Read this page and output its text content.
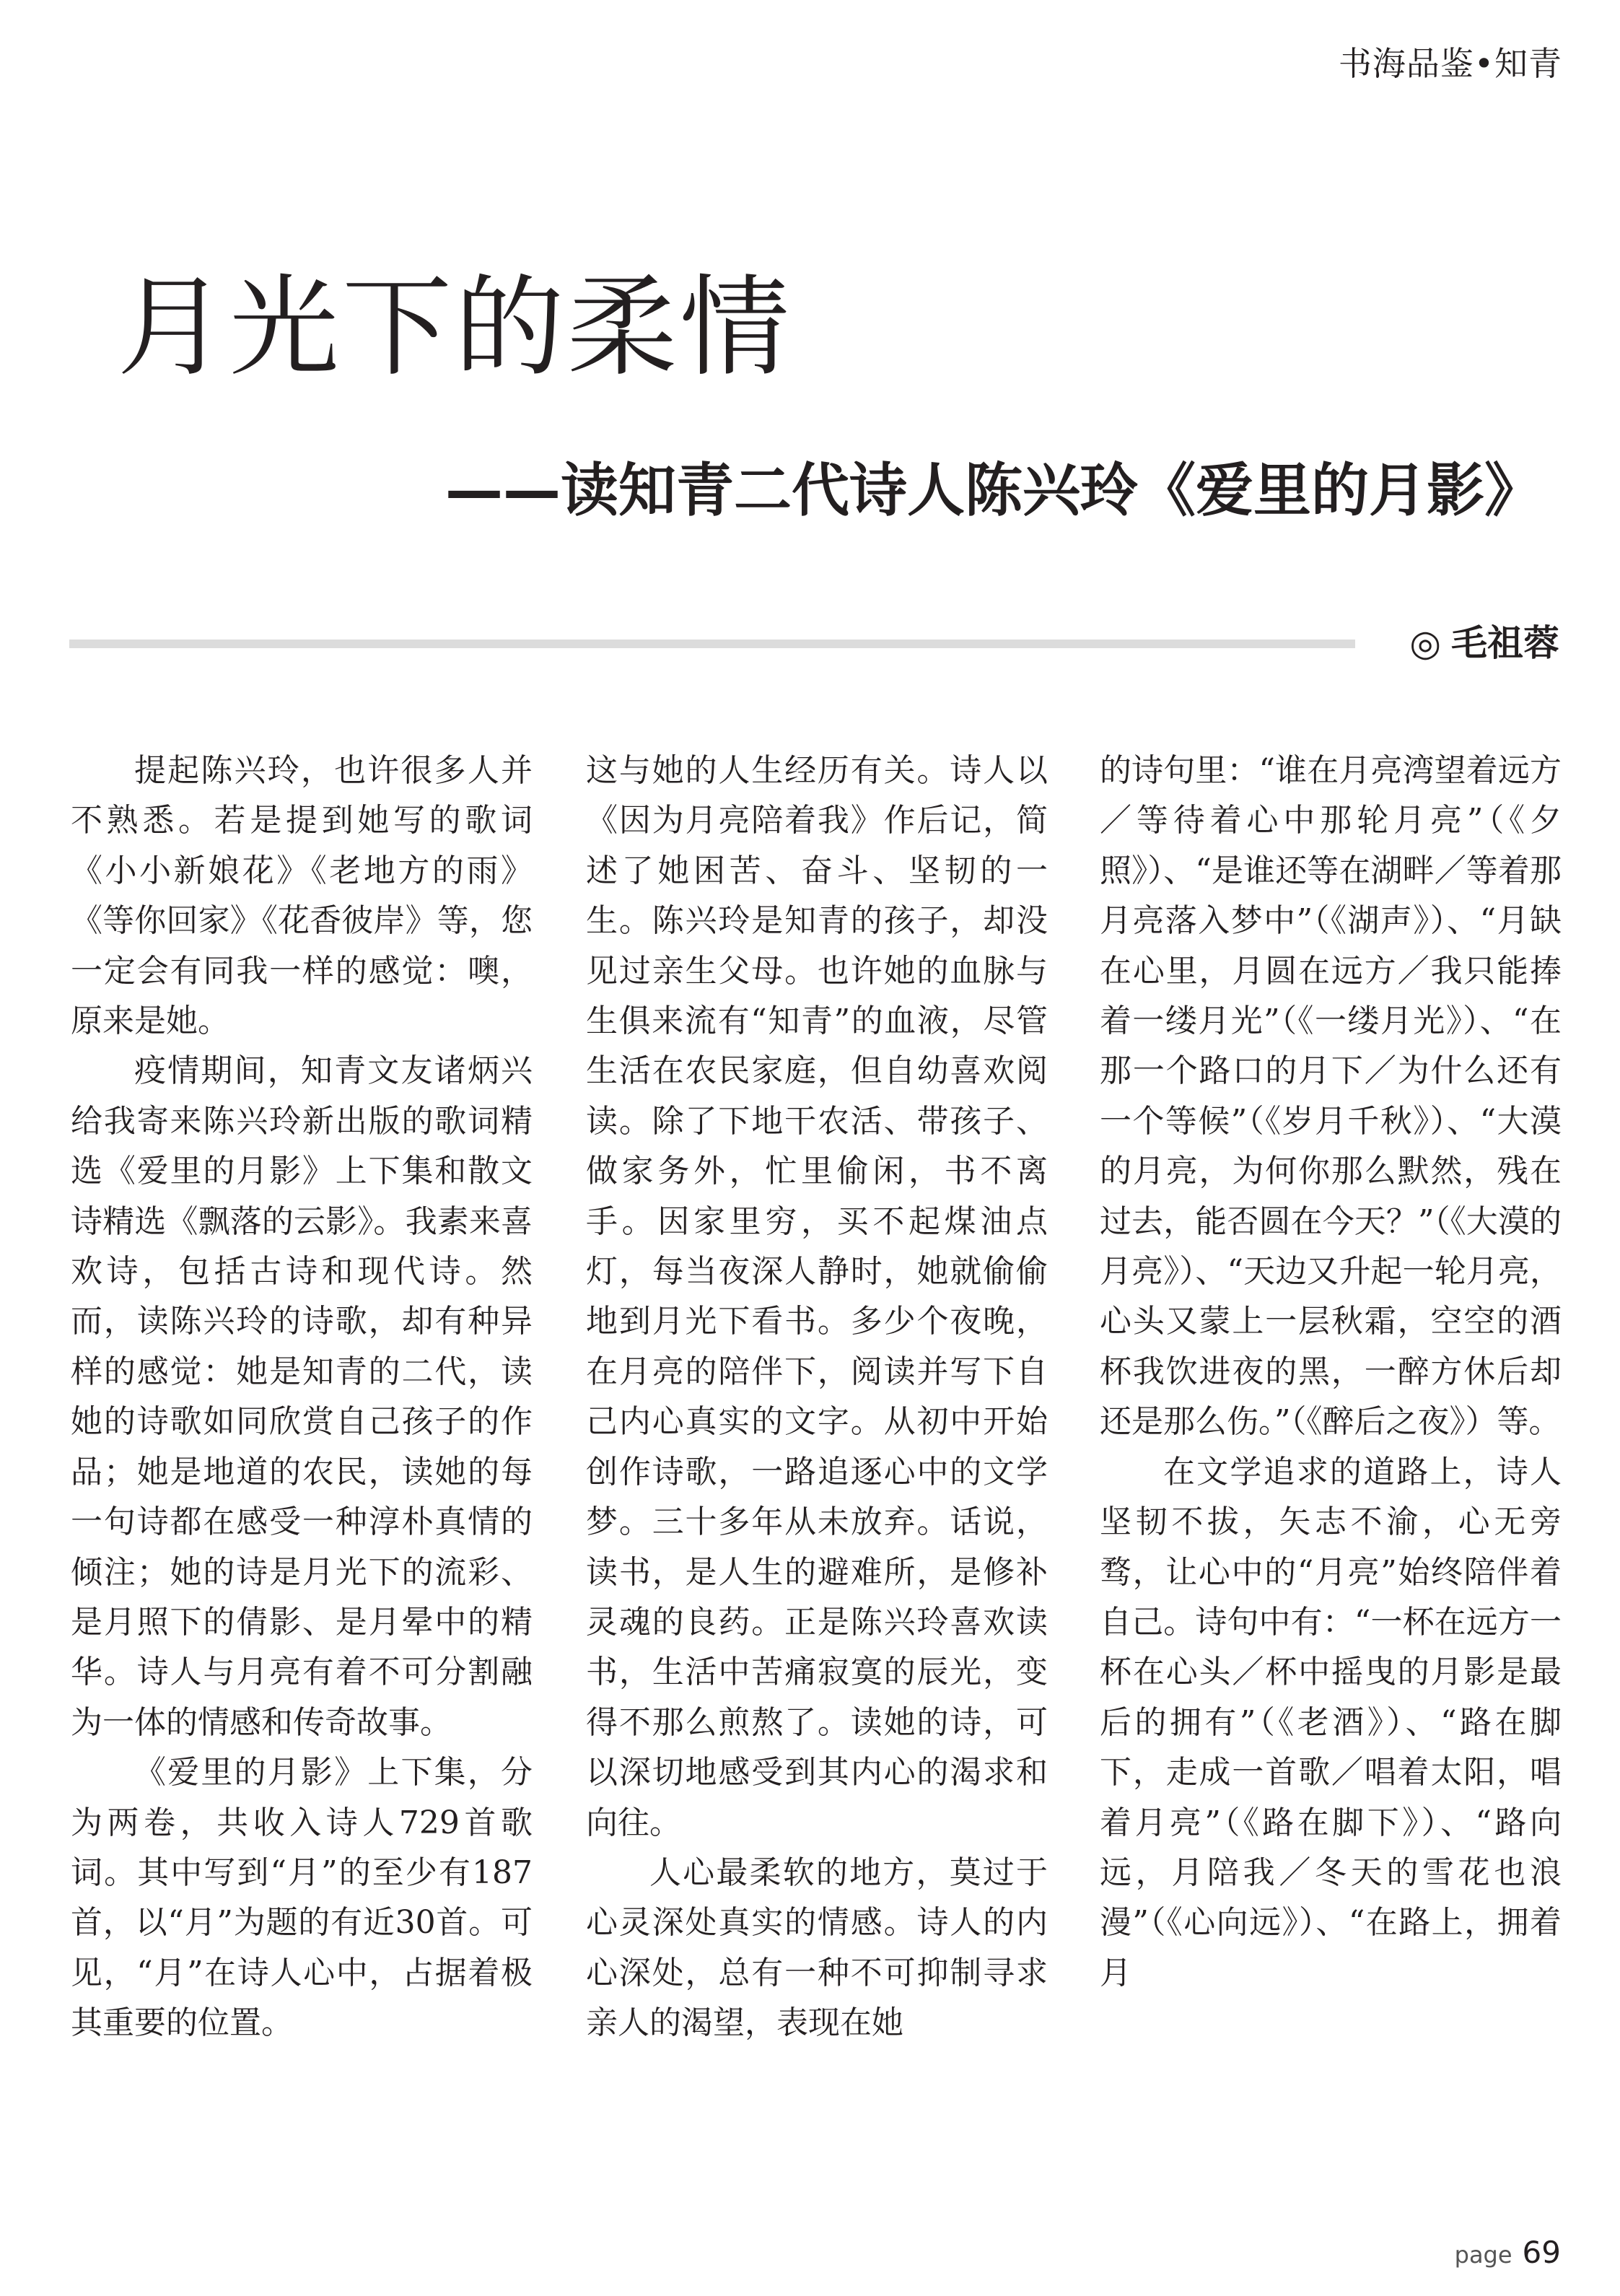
书海品鉴•知青
月光下的柔情
——读知青二代诗人陈兴玲《爱里的月影》
◎ 毛祖蓉

提起陈兴玲，也许很多人并不熟悉。若是提到她写的歌词《小小新娘花》《老地方的雨》《等你回家》《花香彼岸》等，您一定会有同我一样的感觉：噢，原来是她。

疫情期间，知青文友诸炳兴给我寄来陈兴玲新出版的歌词精选《爱里的月影》上下集和散文诗精选《飘落的云影》。我素来喜欢诗，包括古诗和现代诗。然而，读陈兴玲的诗歌，却有种异样的感觉：她是知青的二代，读她的诗歌如同欣赏自己孩子的作品；她是地道的农民，读她的每一句诗都在感受一种淳朴真情的倾注；她的诗是月光下的流彩、是月照下的倩影、是月晕中的精华。诗人与月亮有着不可分割融为一体的情感和传奇故事。

《爱里的月影》上下集，分为两卷，共收入诗人729首歌词。其中写到“月”的至少有187首，以“月”为题的有近30首。可见，“月”在诗人心中，占据着极其重要的位置。

这与她的人生经历有关。诗人以《因为月亮陪着我》作后记，简述了她困苦、奋斗、坚韧的一生。陈兴玲是知青的孩子，却没见过亲生父母。也许她的血脉与生俱来流有“知青”的血液，尽管生活在农民家庭，但自幼喜欢阅读。除了下地干农活、带孩子、做家务外，忙里偷闲，书不离手。因家里穷，买不起煤油点灯，每当夜深人静时，她就偷偷地到月光下看书。多少个夜晚，在月亮的陪伴下，阅读并写下自己内心真实的文字。从初中开始创作诗歌，一路追逐心中的文学梦。三十多年从未放弃。话说，读书，是人生的避难所，是修补灵魂的良药。正是陈兴玲喜欢读书，生活中苦痛寂寞的辰光，变得不那么煎熬了。读她的诗，可以深切地感受到其内心的渴求和向往。

人心最柔软的地方，莫过于心灵深处真实的情感。诗人的内心深处，总有一种不可抑制寻求亲人的渴望，表现在她

的诗句里：“谁在月亮湾望着远方／等待着心中那轮月亮”（《夕照》）、“是谁还等在湖畔／等着那月亮落入梦中”（《湖声》）、“月缺在心里，月圆在远方／我只能捧着一缕月光”（《一缕月光》）、“在那一个路口的月下／为什么还有一个等候”（《岁月千秋》）、“大漠的月亮，为何你那么默然，残在过去，能否圆在今天？”（《大漠的月亮》）、“天边又升起一轮月亮，心头又蒙上一层秋霜，空空的酒杯我饮进夜的黑，一醉方休后却还是那么伤。”（《醉后之夜》）等。

在文学追求的道路上，诗人坚韧不拔，矢志不渝，心无旁骛，让心中的“月亮”始终陪伴着自己。诗句中有：“一杯在远方一杯在心头／杯中摇曳的月影是最后的拥有”（《老酒》）、“路在脚下，走成一首歌／唱着太阳，唱着月亮”（《路在脚下》）、“路向远，月陪我／冬天的雪花也浪漫”（《心向远》）、“在路上，拥着月

page 69
